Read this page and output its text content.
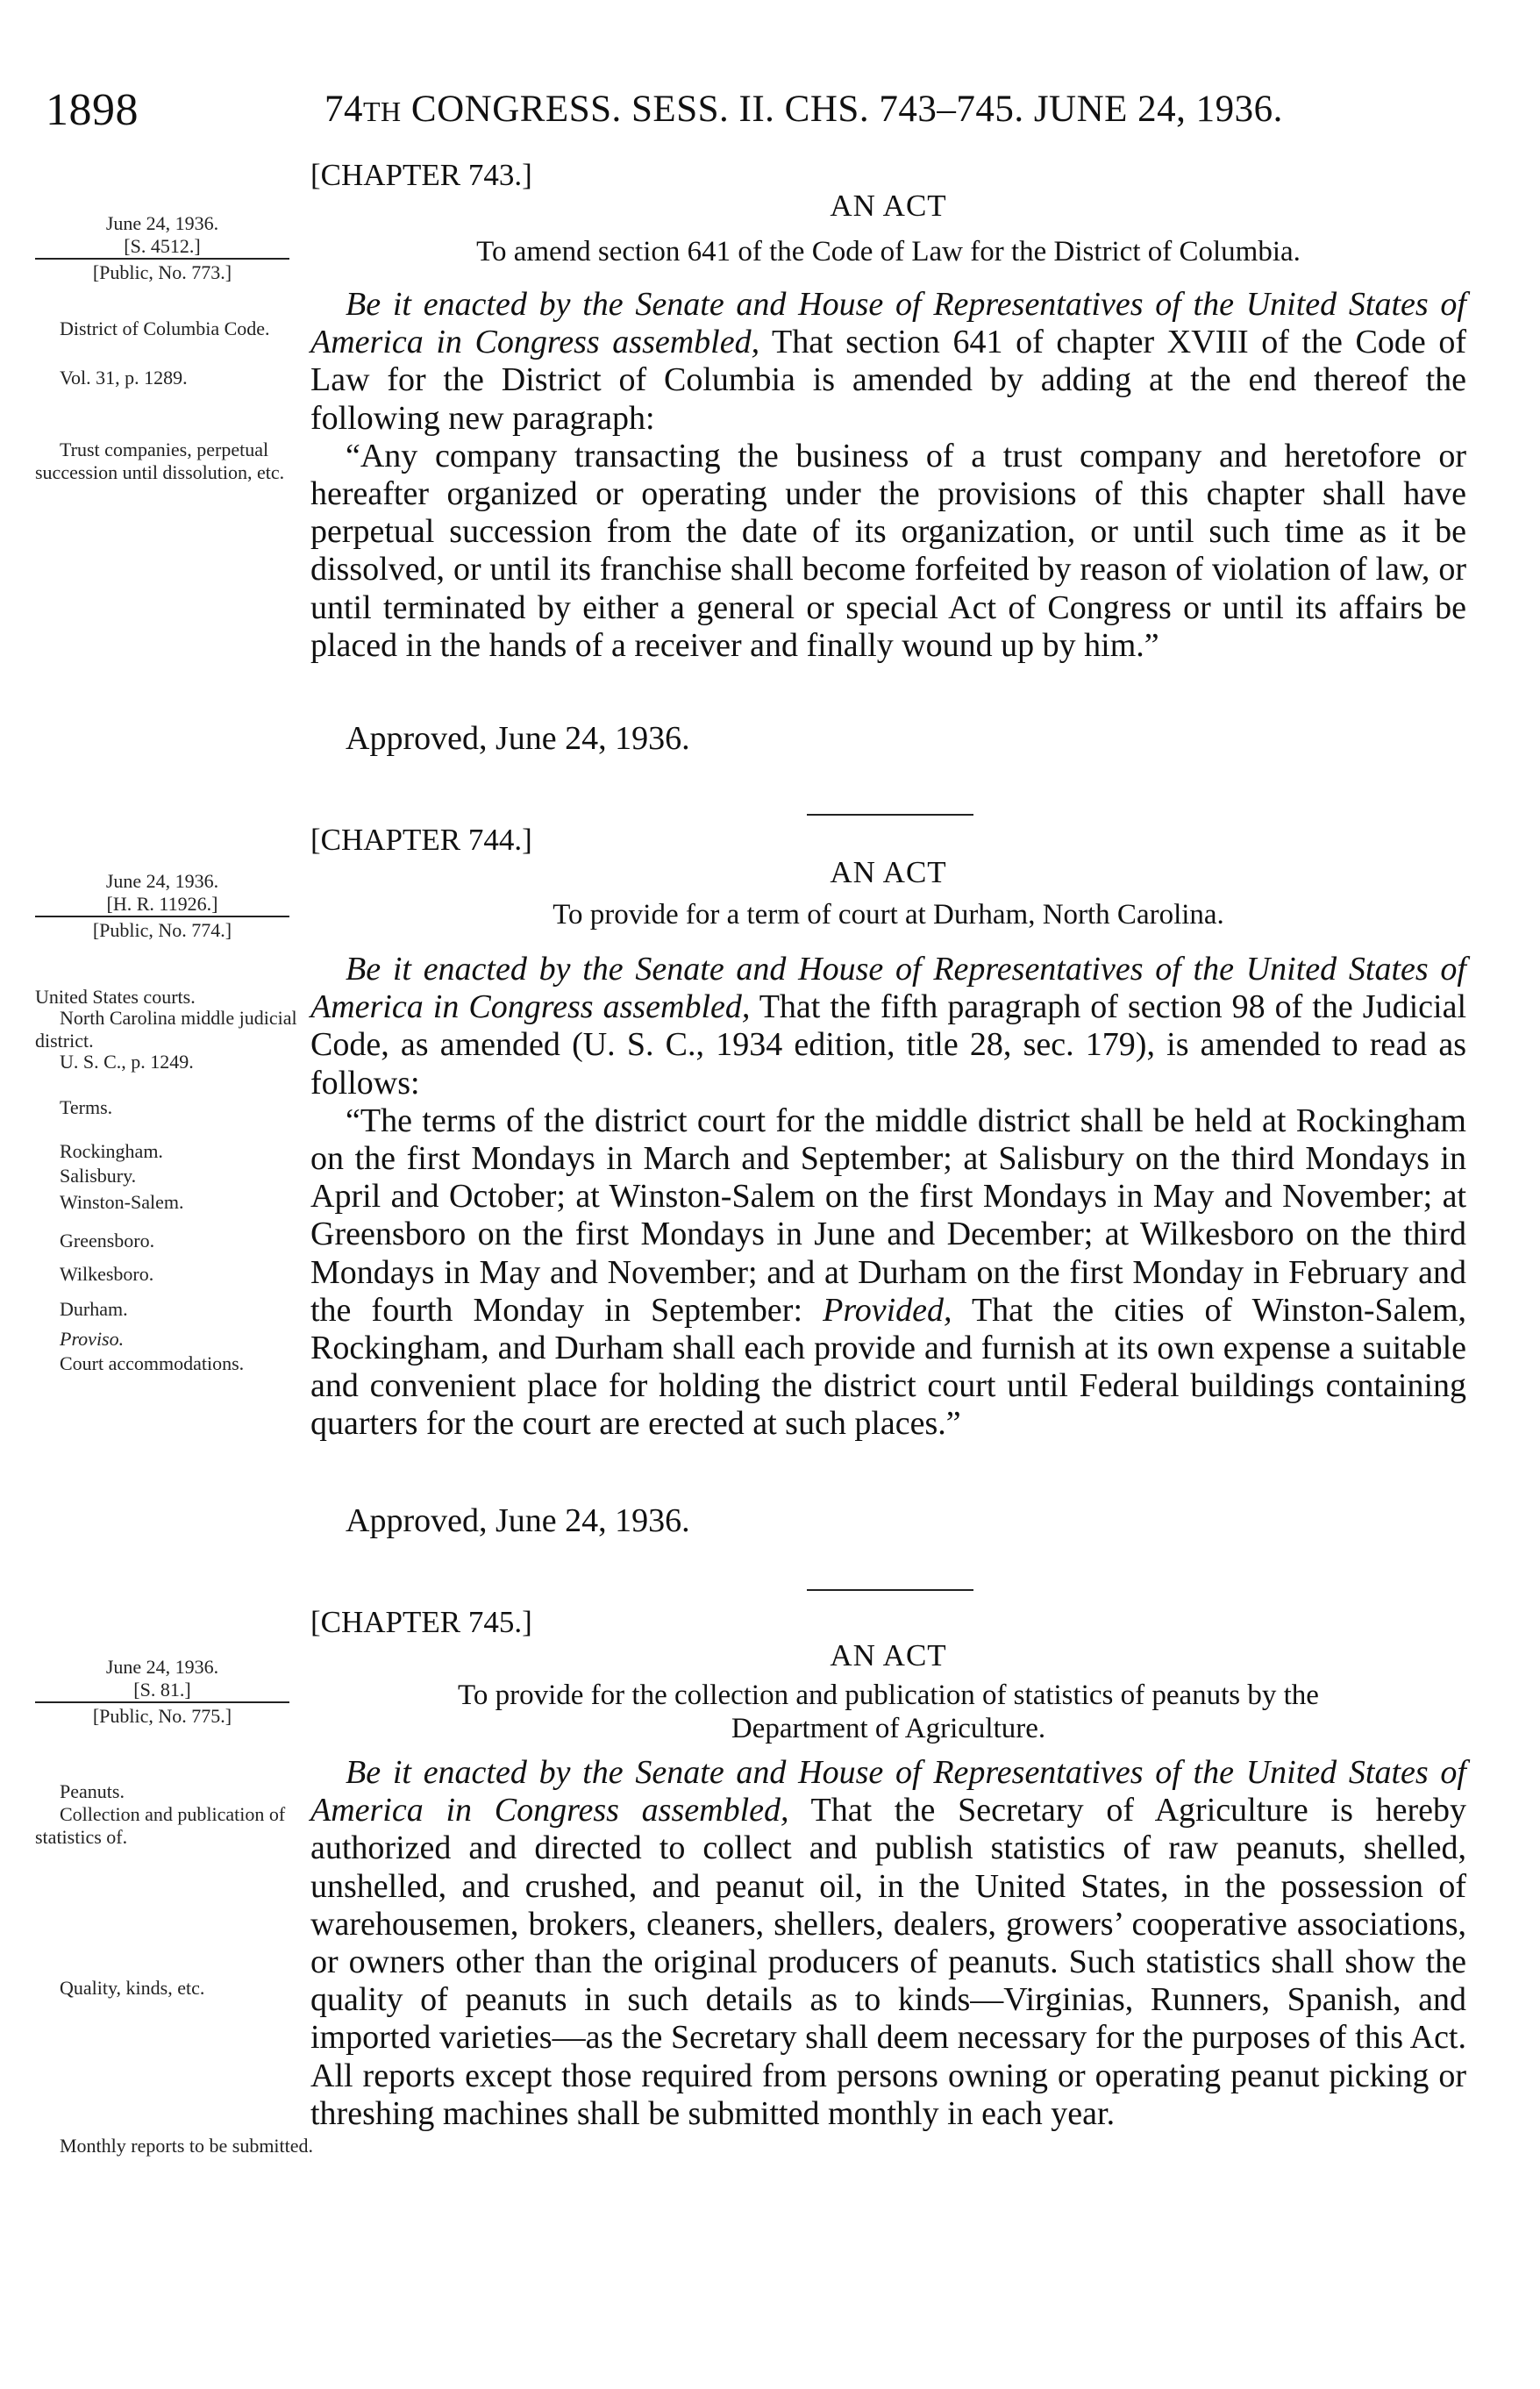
1898	74TH CONGRESS. SESS. II. CHS. 743–745. JUNE 24, 1936.
[CHAPTER 743.]
AN ACT
To amend section 641 of the Code of Law for the District of Columbia.
June 24, 1936.
[S. 4512.]
[Public, No. 773.]
District of Columbia Code.
Vol. 31, p. 1289.
Trust companies, perpetual succession until dissolution, etc.

Be it enacted by the Senate and House of Representatives of the United States of America in Congress assembled, That section 641 of chapter XVIII of the Code of Law for the District of Columbia is amended by adding at the end thereof the following new paragraph:

“Any company transacting the business of a trust company and heretofore or hereafter organized or operating under the provisions of this chapter shall have perpetual succession from the date of its organization, or until such time as it be dissolved, or until its franchise shall become forfeited by reason of violation of law, or until terminated by either a general or special Act of Congress or until its affairs be placed in the hands of a receiver and finally wound up by him.”

Approved, June 24, 1936.
[CHAPTER 744.]
AN ACT
To provide for a term of court at Durham, North Carolina.
June 24, 1936.
[H. R. 11926.]
[Public, No. 774.]
United States courts.
North Carolina middle judicial district.
U. S. C., p. 1249.
Terms.
Rockingham.
Salisbury.
Winston-Salem.
Greensboro.
Wilkesboro.
Durham.
Proviso.
Court accommodations.

Be it enacted by the Senate and House of Representatives of the United States of America in Congress assembled, That the fifth paragraph of section 98 of the Judicial Code, as amended (U. S. C., 1934 edition, title 28, sec. 179), is amended to read as follows:

“The terms of the district court for the middle district shall be held at Rockingham on the first Mondays in March and September; at Salisbury on the third Mondays in April and October; at Winston-Salem on the first Mondays in May and November; at Greensboro on the first Mondays in June and December; at Wilkesboro on the third Mondays in May and November; and at Durham on the first Monday in February and the fourth Monday in September: Provided, That the cities of Winston-Salem, Rockingham, and Durham shall each provide and furnish at its own expense a suitable and convenient place for holding the district court until Federal buildings containing quarters for the court are erected at such places.”

Approved, June 24, 1936.
[CHAPTER 745.]
AN ACT
To provide for the collection and publication of statistics of peanuts by the
Department of Agriculture.
June 24, 1936.
[S. 81.]
[Public, No. 775.]
Peanuts.
Collection and publication of statistics of.
Quality, kinds, etc.
Monthly reports to be submitted.

Be it enacted by the Senate and House of Representatives of the United States of America in Congress assembled, That the Secretary of Agriculture is hereby authorized and directed to collect and publish statistics of raw peanuts, shelled, unshelled, and crushed, and peanut oil, in the United States, in the possession of warehousemen, brokers, cleaners, shellers, dealers, growers’ cooperative associations, or owners other than the original producers of peanuts. Such statistics shall show the quality of peanuts in such details as to kinds—Virginias, Runners, Spanish, and imported varieties—as the Secretary shall deem necessary for the purposes of this Act. All reports except those required from persons owning or operating peanut picking or threshing machines shall be submitted monthly in each year.
